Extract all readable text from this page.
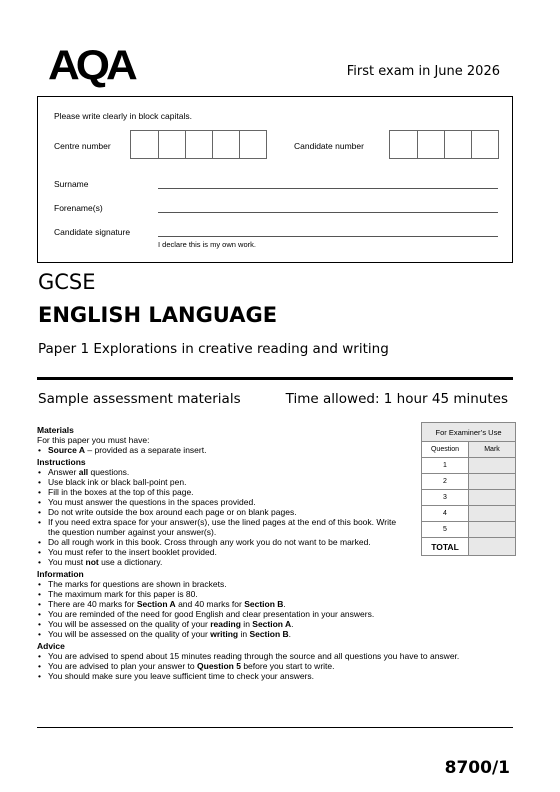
AQA	First exam in June 2026
Please write clearly in block capitals.
Centre number	Candidate number
Surname
Forename(s)
Candidate signature
I declare this is my own work.
GCSE
ENGLISH LANGUAGE
Paper 1 Explorations in creative reading and writing
Sample assessment materials	Time allowed: 1 hour 45 minutes
Materials
For this paper you must have:
• Source A – provided as a separate insert.
Instructions
• Answer all questions.
• Use black ink or black ball-point pen.
• Fill in the boxes at the top of this page.
• You must answer the questions in the spaces provided.
• Do not write outside the box around each page or on blank pages.
• If you need extra space for your answer(s), use the lined pages at the end of this book. Write the question number against your answer(s).
• Do all rough work in this book. Cross through any work you do not want to be marked.
• You must refer to the insert booklet provided.
• You must not use a dictionary.
Information
• The marks for questions are shown in brackets.
• The maximum mark for this paper is 80.
• There are 40 marks for Section A and 40 marks for Section B.
• You are reminded of the need for good English and clear presentation in your answers.
• You will be assessed on the quality of your reading in Section A.
• You will be assessed on the quality of your writing in Section B.
Advice
• You are advised to spend about 15 minutes reading through the source and all questions you have to answer.
• You are advised to plan your answer to Question 5 before you start to write.
• You should make sure you leave sufficient time to check your answers.
For Examiner’s Use	
Question	Mark
1	
2	
3	
4	
5	
TOTAL	
8700/1
